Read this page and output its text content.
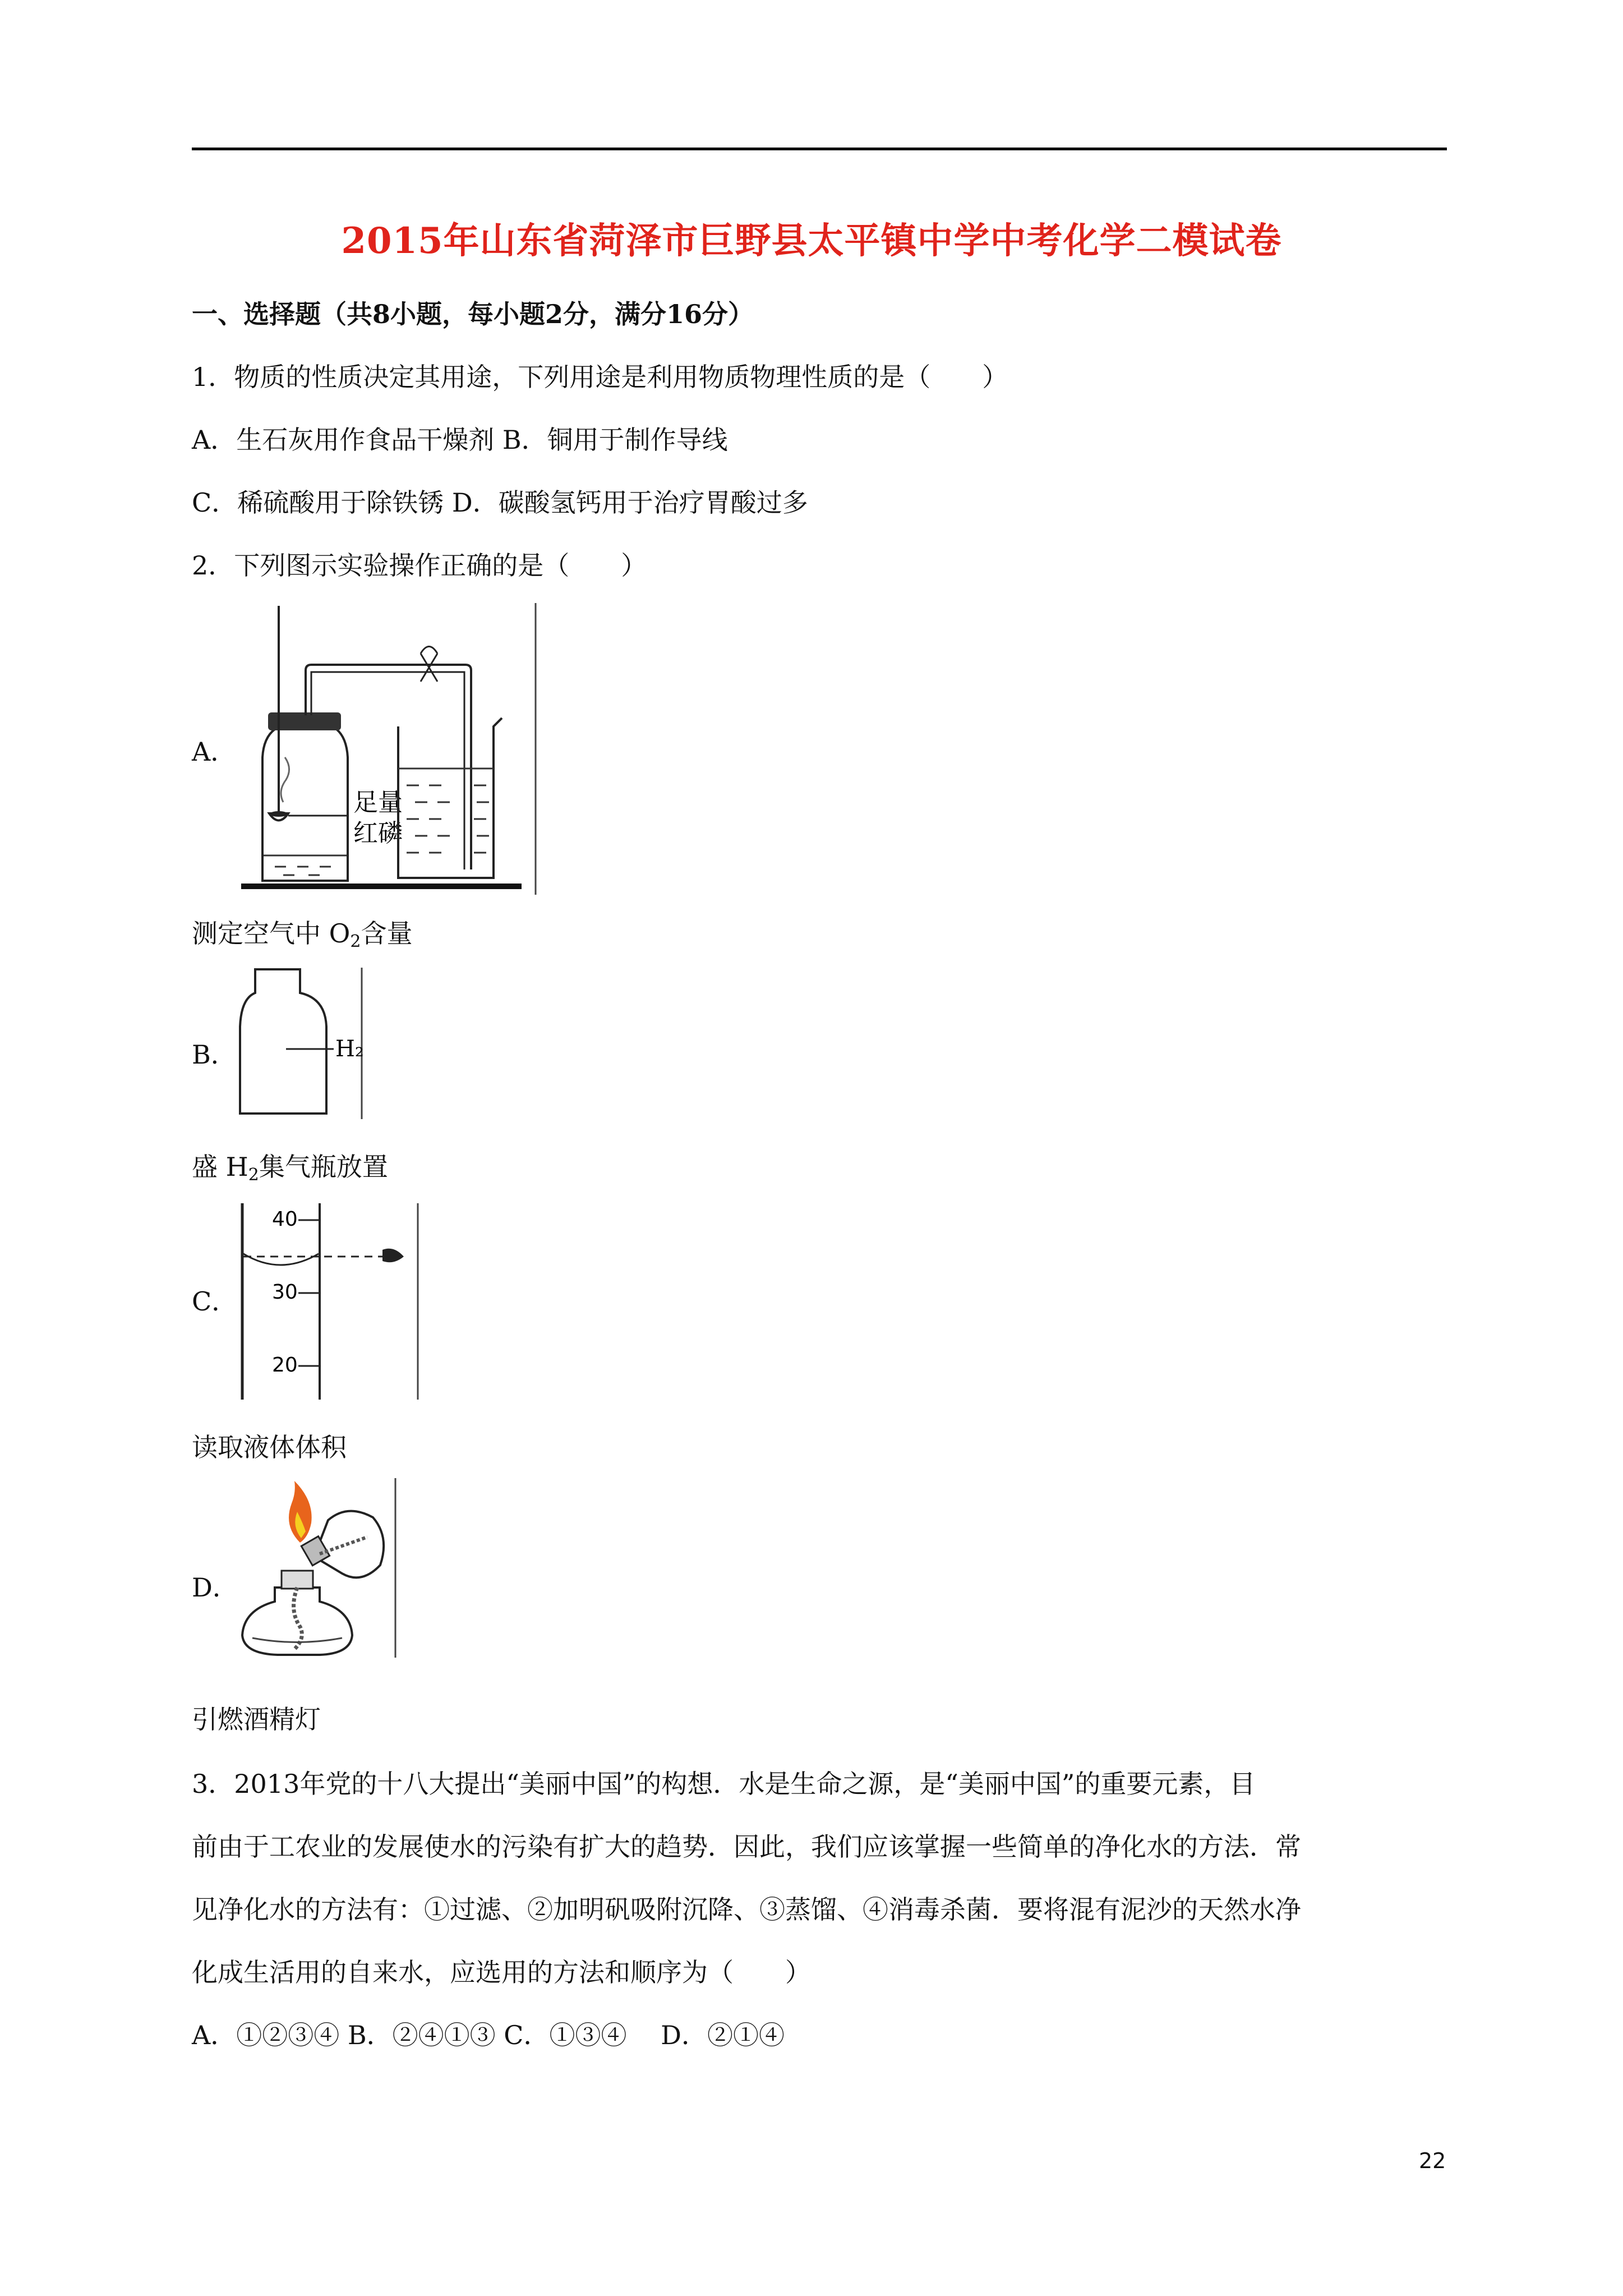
2015年山东省菏泽市巨野县太平镇中学中考化学二模试卷
一、选择题（共8小题，每小题2分，满分16分）
1．物质的性质决定其用途，下列用途是利用物质物理性质的是（　　）
A．生石灰用作食品干燥剂 B．铜用于制作导线
C．稀硫酸用于除铁锈 D．碳酸氢钙用于治疗胃酸过多
2．下列图示实验操作正确的是（　　）
A．
足量
红磷
测定空气中 $O_2$含量
B．	H₂
盛 $H_2$集气瓶放置
C．
40
30
20
读取液体体积
D．
引燃酒精灯
3．2013年党的十八大提出“美丽中国”的构想．水是生命之源，是“美丽中国”的重要元素，目
前由于工农业的发展使水的污染有扩大的趋势．因此，我们应该掌握一些简单的净化水的方法．常
见净化水的方法有：①过滤、②加明矾吸附沉降、③蒸馏、④消毒杀菌．要将混有泥沙的天然水净
化成生活用的自来水，应选用的方法和顺序为（　　）
A．①②③④ B．②④①③ C．①③④　 D．②①④
22
